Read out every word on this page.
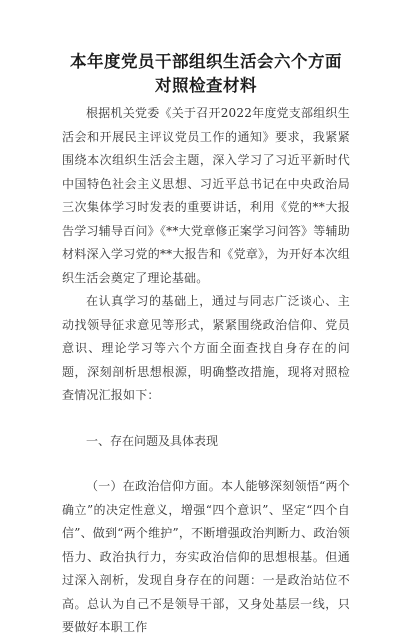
本年度党员干部组织生活会六个方面
对照检查材料

根据机关党委《关于召开2022年度党支部组织生活会和开展民主评议党员工作的通知》要求，我紧紧围绕本次组织生活会主题，深入学习了习近平新时代中国特色社会主义思想、习近平总书记在中央政治局三次集体学习时发表的重要讲话，利用《党的**大报告学习辅导百问》《**大党章修正案学习问答》等辅助材料深入学习党的**大报告和《党章》，为开好本次组织生活会奠定了理论基础。

在认真学习的基础上，通过与同志广泛谈心、主动找领导征求意见等形式，紧紧围绕政治信仰、党员意识、理论学习等六个方面全面查找自身存在的问题，深刻剖析思想根源，明确整改措施，现将对照检查情况汇报如下：

一、存在问题及具体表现

（一）在政治信仰方面。本人能够深刻领悟“两个确立”的决定性意义，增强“四个意识”、坚定“四个自信”、做到“两个维护”，不断增强政治判断力、政治领悟力、政治执行力，夯实政治信仰的思想根基。但通过深入剖析，发现自身存在的问题：一是政治站位不高。总认为自己不是领导干部，又身处基层一线，只要做好本职工作
